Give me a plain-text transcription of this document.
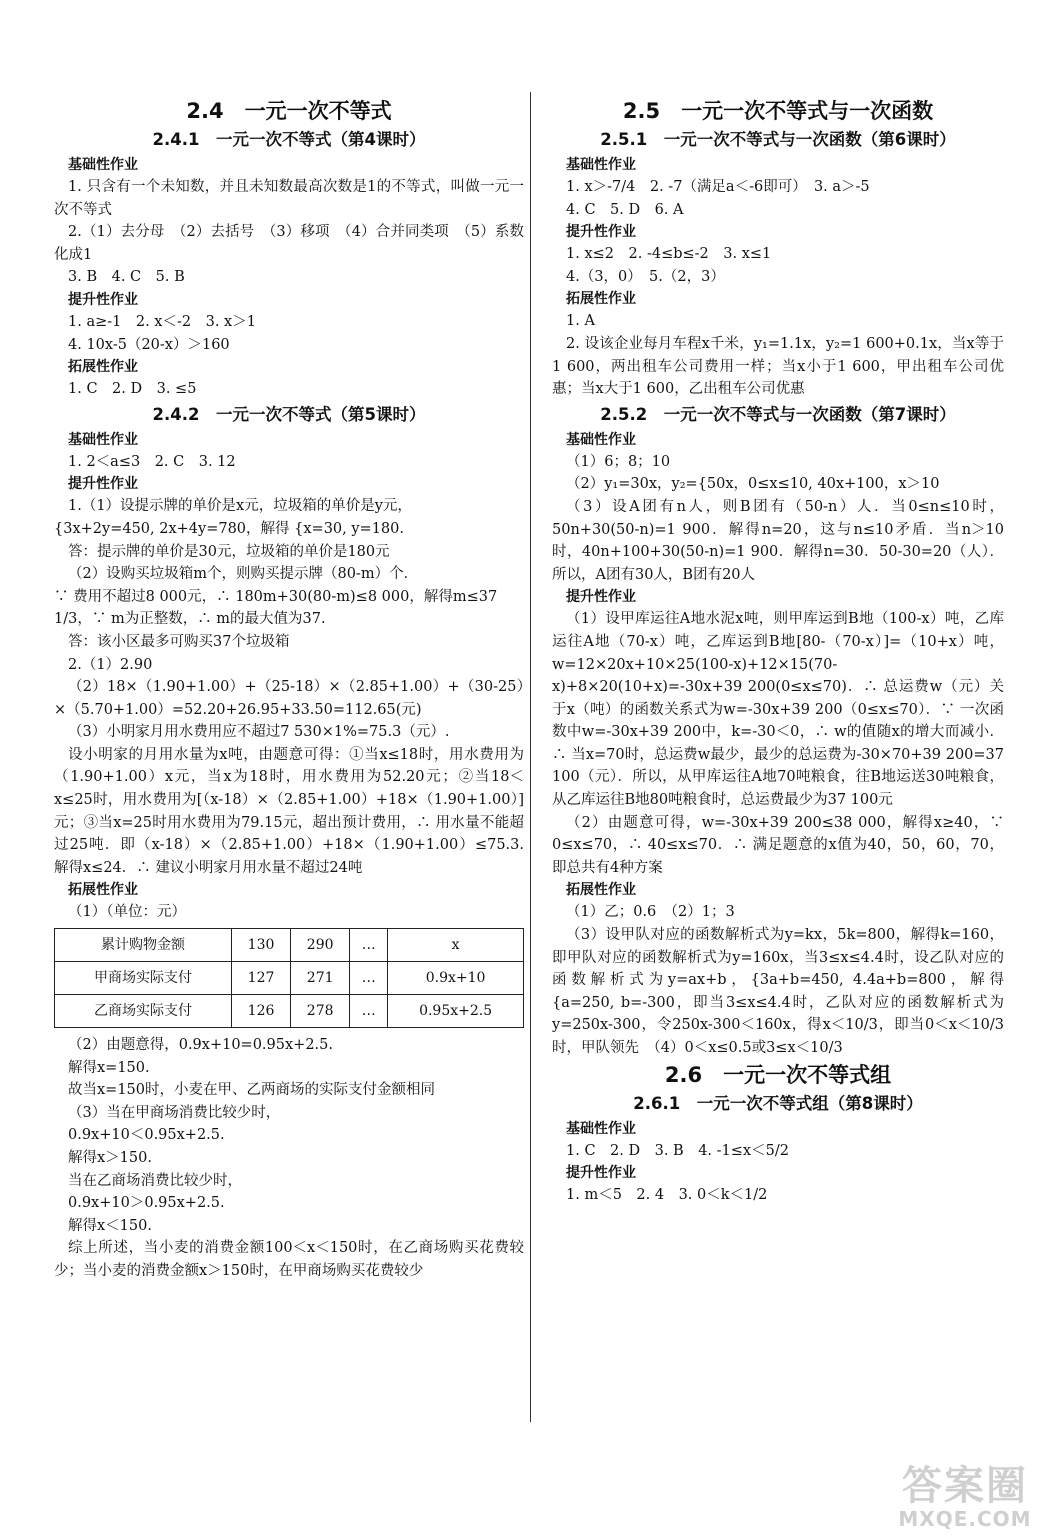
2.4　一元一次不等式
2.4.1　一元一次不等式（第4课时）
基础性作业

1. 只含有一个未知数，并且未知数最高次数是1的不等式，叫做一元一次不等式

2.（1）去分母　（2）去括号　（3）移项　（4）合并同类项　（5）系数化成1

3. B　4. C　5. B

提升性作业

1. a≥-1　2. x＜-2　3. x＞1

4. 10x-5（20-x）＞160

拓展性作业

1. C　2. D　3. ≤5

2.4.2　一元一次不等式（第5课时）
基础性作业

1. 2＜a≤3　2. C　3. 12

提升性作业

1.（1）设提示牌的单价是x元，垃圾箱的单价是y元，

{3x+2y=450, 2x+4y=780，解得 {x=30, y=180.

答：提示牌的单价是30元，垃圾箱的单价是180元

（2）设购买垃圾箱m个，则购买提示牌（80-m）个．

∵ 费用不超过8 000元，∴ 180m+30(80-m)≤8 000，解得m≤37 1/3，∵ m为正整数，∴ m的最大值为37.

答：该小区最多可购买37个垃圾箱

2.（1）2.90

（2）18×（1.90+1.00）+（25-18）×（2.85+1.00）+（30-25）×（5.70+1.00）=52.20+26.95+33.50=112.65(元)

（3）小明家月用水费用应不超过7 530×1%=75.3（元）.

设小明家的月用水量为x吨，由题意可得：①当x≤18时，用水费用为（1.90+1.00）x元，当x为18时，用水费用为52.20元；②当18＜x≤25时，用水费用为[（x-18）×（2.85+1.00）+18×（1.90+1.00）]元；③当x=25时用水费用为79.15元，超出预计费用，∴ 用水量不能超过25吨．即（x-18）×（2.85+1.00）+18×（1.90+1.00）≤75.3. 解得x≤24．∴ 建议小明家月用水量不超过24吨

拓展性作业

（1）（单位：元）

累计购物金额	130	290	…	x
甲商场实际支付	127	271	…	0.9x+10
乙商场实际支付	126	278	…	0.95x+2.5

（2）由题意得，0.9x+10=0.95x+2.5.

解得x=150.

故当x=150时，小麦在甲、乙两商场的实际支付金额相同

（3）当在甲商场消费比较少时，

0.9x+10＜0.95x+2.5.

解得x＞150.

当在乙商场消费比较少时，

0.9x+10＞0.95x+2.5.

解得x＜150.

综上所述，当小麦的消费金额100＜x＜150时，在乙商场购买花费较少；当小麦的消费金额x＞150时，在甲商场购买花费较少

2.5　一元一次不等式与一次函数
2.5.1　一元一次不等式与一次函数（第6课时）
基础性作业

1. x＞-7/4　2. -7（满足a＜-6即可）　3. a＞-5

4. C　5. D　6. A

提升性作业

1. x≤2　2. -4≤b≤-2　3. x≤1

4.（3，0）　5.（2，3）

拓展性作业

1. A

2. 设该企业每月车程x千米，y₁=1.1x，y₂=1 600+0.1x，当x等于1 600，两出租车公司费用一样；当x小于1 600，甲出租车公司优惠；当x大于1 600，乙出租车公司优惠

2.5.2　一元一次不等式与一次函数（第7课时）
基础性作业

（1）6；8；10

（2）y₁=30x，y₂={50x，0≤x≤10, 40x+100，x＞10

（3）设A团有n人，则B团有（50-n）人．当0≤n≤10时，50n+30(50-n)=1 900．解得n=20，这与n≤10矛盾．当n＞10时，40n+100+30(50-n)=1 900．解得n=30．50-30=20（人）．所以，A团有30人，B团有20人

提升性作业

（1）设甲库运往A地水泥x吨，则甲库运到B地（100-x）吨，乙库运往A地（70-x）吨，乙库运到B地[80-（70-x）]=（10+x）吨，w=12×20x+10×25(100-x)+12×15(70-x)+8×20(10+x)=-30x+39 200(0≤x≤70)．∴ 总运费w（元）关于x（吨）的函数关系式为w=-30x+39 200（0≤x≤70）．∵ 一次函数中w=-30x+39 200中，k=-30＜0，∴ w的值随x的增大而减小．∴ 当x=70时，总运费w最少，最少的总运费为-30×70+39 200=37 100（元）．所以，从甲库运往A地70吨粮食，往B地运送30吨粮食，从乙库运往B地80吨粮食时，总运费最少为37 100元

（2）由题意可得，w=-30x+39 200≤38 000，解得x≥40，∵ 0≤x≤70，∴ 40≤x≤70．∴ 满足题意的x值为40，50，60，70，即总共有4种方案

拓展性作业

（1）乙；0.6　（2）1；3

（3）设甲队对应的函数解析式为y=kx，5k=800，解得k=160，即甲队对应的函数解析式为y=160x，当3≤x≤4.4时，设乙队对应的函数解析式为y=ax+b，{3a+b=450, 4.4a+b=800，解得{a=250, b=-300，即当3≤x≤4.4时，乙队对应的函数解析式为y=250x-300，令250x-300＜160x，得x＜10/3，即当0＜x＜10/3时，甲队领先　（4）0＜x≤0.5或3≤x＜10/3

2.6　一元一次不等式组
2.6.1　一元一次不等式组（第8课时）
基础性作业

1. C　2. D　3. B　4. -1≤x＜5/2

提升性作业

1. m＜5　2. 4　3. 0＜k＜1/2

答案圈
MXQE.COM
